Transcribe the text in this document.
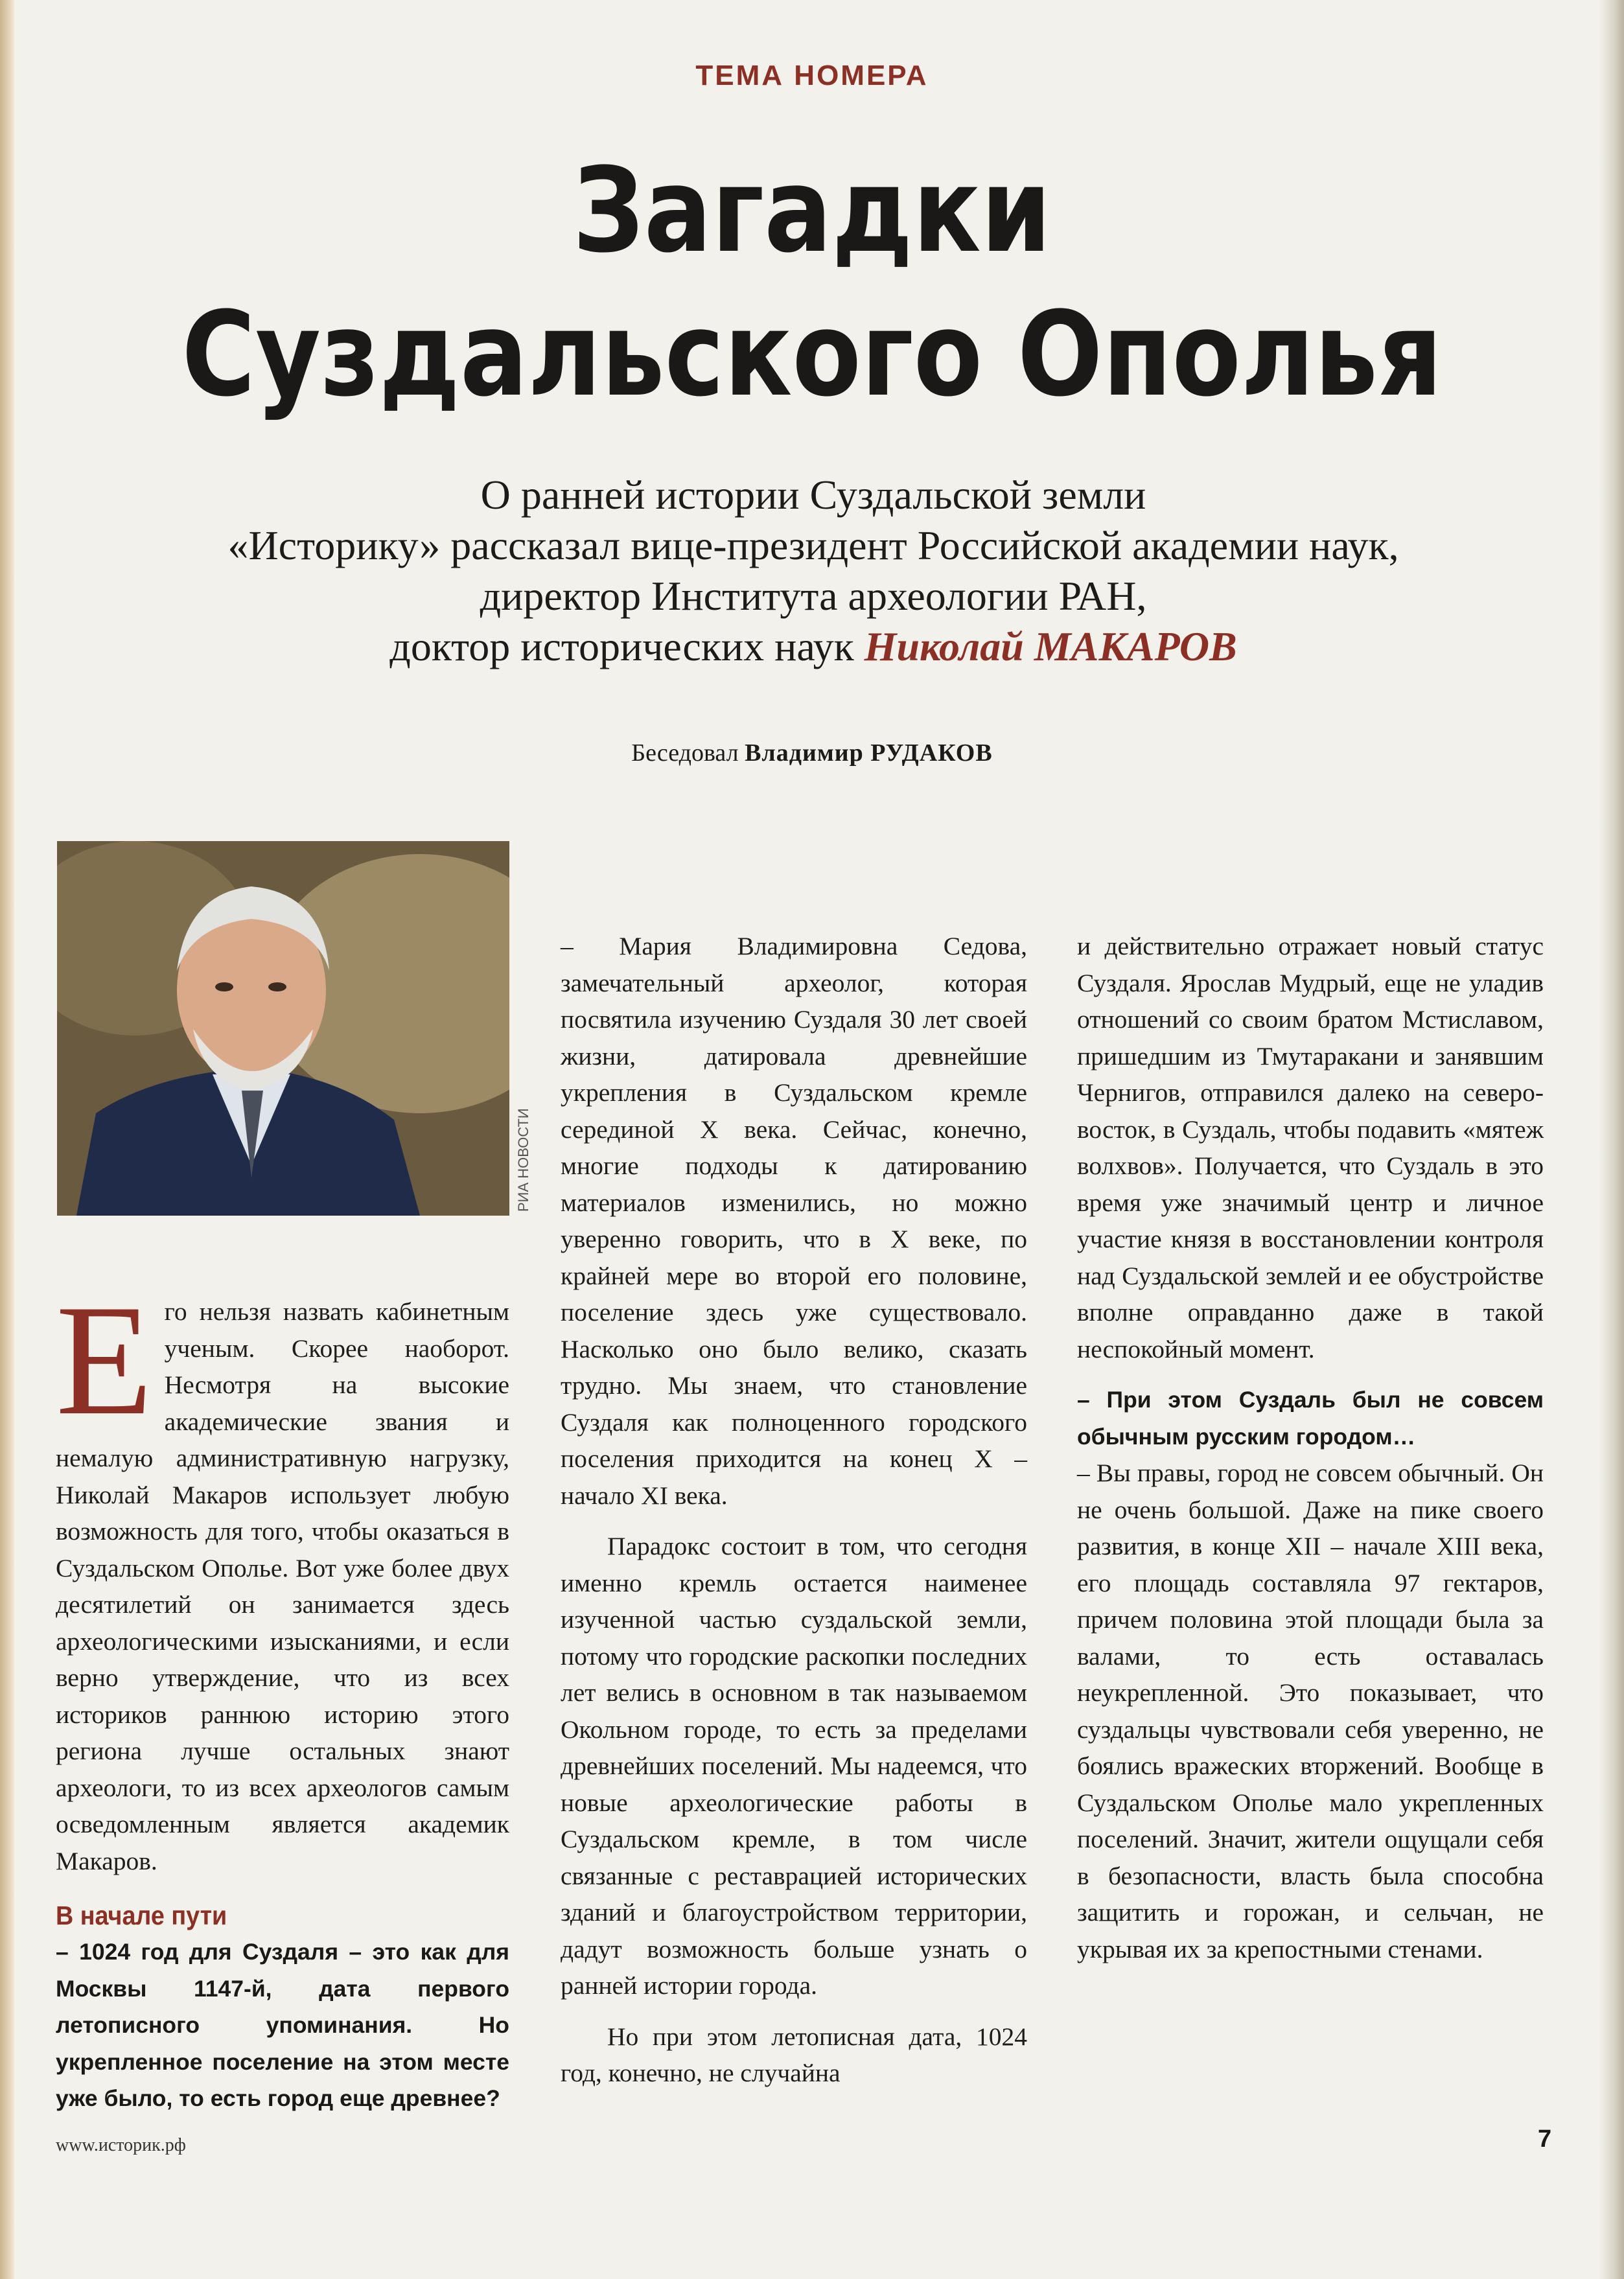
ТЕМА НОМЕРА
Загадки
Суздальского Ополья
О ранней истории Суздальской земли
«Историку» рассказал вице-президент Российской академии наук,
директор Института археологии РАН,
доктор исторических наук Николай МАКАРОВ
Беседовал Владимир РУДАКОВ
РИА НОВОСТИ

Его нельзя назвать кабинетным ученым. Скорее наоборот. Несмотря на высокие академические звания и немалую административную нагрузку, Николай Макаров использует любую возможность для того, чтобы оказаться в Суздальском Ополье. Вот уже более двух десятилетий он занимается здесь археологическими изысканиями, и если верно утверждение, что из всех историков раннюю историю этого региона лучше остальных знают археологи, то из всех археологов самым осведомленным является академик Макаров.

В начале пути
– 1024 год для Суздаля – это как для Москвы 1147-й, дата первого летописного упоминания. Но укрепленное поселение на этом месте уже было, то есть город еще древнее?

– Мария Владимировна Седова, замечательный археолог, которая посвятила изучению Суздаля 30 лет своей жизни, датировала древнейшие укрепления в Суздальском кремле серединой X века. Сейчас, конечно, многие подходы к датированию материалов изменились, но можно уверенно говорить, что в X веке, по крайней мере во второй его половине, поселение здесь уже существовало. Насколько оно было велико, сказать трудно. Мы знаем, что становление Суздаля как полноценного городского поселения приходится на конец X – начало XI века.

Парадокс состоит в том, что сегодня именно кремль остается наименее изученной частью суздальской земли, потому что городские раскопки последних лет велись в основном в так называемом Окольном городе, то есть за пределами древнейших поселений. Мы надеемся, что новые археологические работы в Суздальском кремле, в том числе связанные с реставрацией исторических зданий и благоустройством территории, дадут возможность больше узнать о ранней истории города.

Но при этом летописная дата, 1024 год, конечно, не случайна

и действительно отражает новый статус Суздаля. Ярослав Мудрый, еще не уладив отношений со своим братом Мстиславом, пришедшим из Тмутаракани и занявшим Чернигов, отправился далеко на северо-восток, в Суздаль, чтобы подавить «мятеж волхвов». Получается, что Суздаль в это время уже значимый центр и личное участие князя в восстановлении контроля над Суздальской землей и ее обустройстве вполне оправданно даже в такой неспокойный момент.

– При этом Суздаль был не совсем обычным русским городом…

– Вы правы, город не совсем обычный. Он не очень большой. Даже на пике своего развития, в конце XII – начале XIII века, его площадь составляла 97 гектаров, причем половина этой площади была за валами, то есть оставалась неукрепленной. Это показывает, что суздальцы чувствовали себя уверенно, не боялись вражеских вторжений. Вообще в Суздальском Ополье мало укрепленных поселений. Значит, жители ощущали себя в безопасности, власть была способна защитить и горожан, и сельчан, не укрывая их за крепостными стенами.

www.историк.рф	7
